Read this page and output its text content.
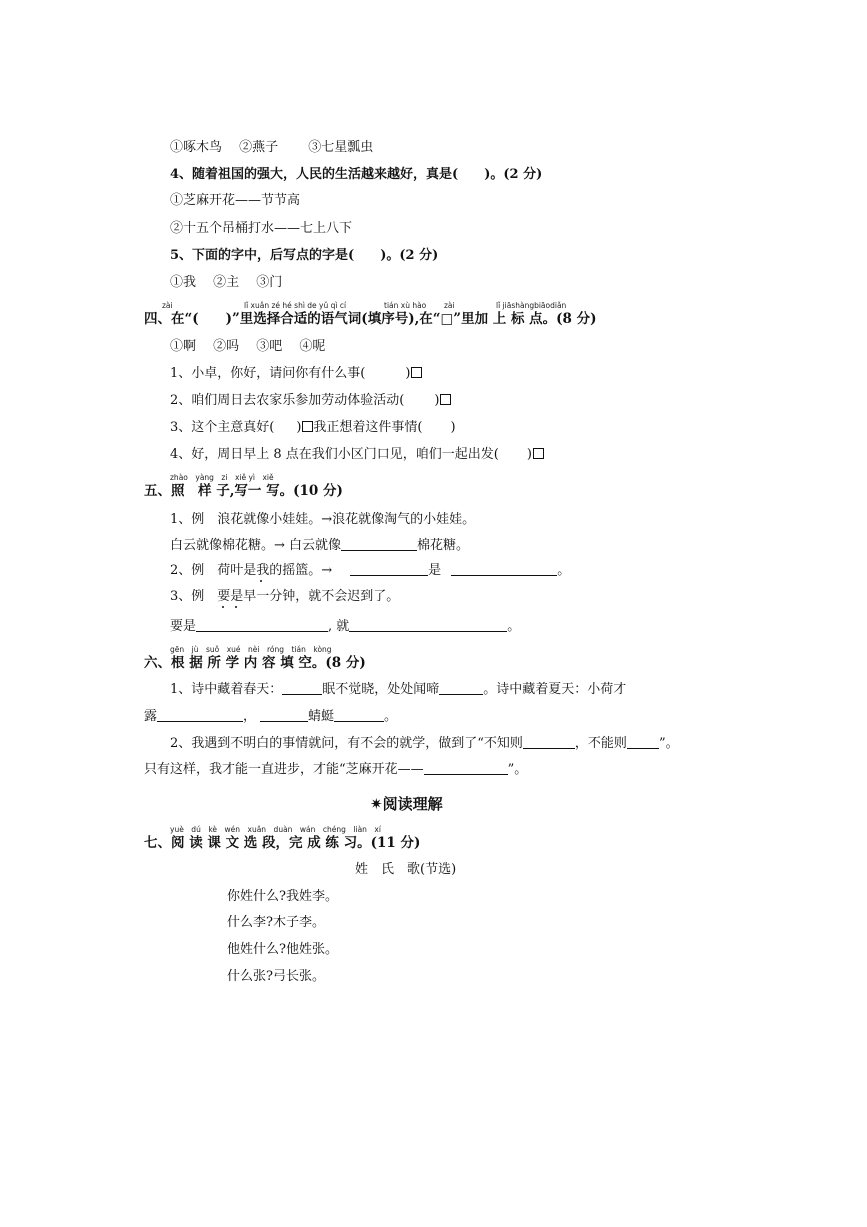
①啄木鸟　 ②燕子　　 ③七星瓢虫
4、随着祖国的强大，人民的生活越来越好，真是(　　)。(2 分)
①芝麻开花——节节高
②十五个吊桶打水——七上八下
5、下面的字中，后写点的字是(　　)。(2 分)
①我　 ②主　 ③门
zài	lǐ xuǎn zé hé shì de yǔ qì cí	tián xù hào zài	lǐ jiāshàngbiāodiǎn
四、在“(　　)”里选择合适的语气词(填序号),在“□”里加 上 标 点。(8 分)
①啊　 ②吗　 ③吧　 ④呢
1、小卓，你好，请问你有什么事(	)
2、咱们周日去农家乐参加劳动体验活动( )
3、这个主意真好( ) 我正想着这件事情( )
4、好，周日早上 8 点在我们小区门口见，咱们一起出发( )
zhào　yàng　zi　xiě yì　xiě
五、照　样 子,写一 写。(10 分)
1、例　浪花就像小娃娃。→浪花就像淘气的小娃娃。
白云就像棉花糖。→ 白云就像	棉花糖。
2、例　荷叶是我的摇篮。→	是	。
3、例　要是早一分钟，就不会迟到了。
要是	, 就	。
gēn　jù　suǒ　xué　nèi　róng　tián　kòng
六、根 据 所 学 内 容 填 空。(8 分)
1、诗中藏着春天：	眠不觉晓，处处闻啼	。诗中藏着夏天：小荷才
露	，	蜻蜓	。
2、我遇到不明白的事情就问，有不会的就学，做到了“不知则	，不能则 ”。
只有这样，我才能一直进步，才能“芝麻开花——	”。
✷阅读理解
yuè　dú　kè　wén　xuǎn　duàn　wán　chéng　liàn　xí
七、阅 读 课 文 选 段，完 成 练 习。(11 分)
姓　氏　歌(节选)
你姓什么?我姓李。
什么李?木子李。
他姓什么?他姓张。
什么张?弓长张。
